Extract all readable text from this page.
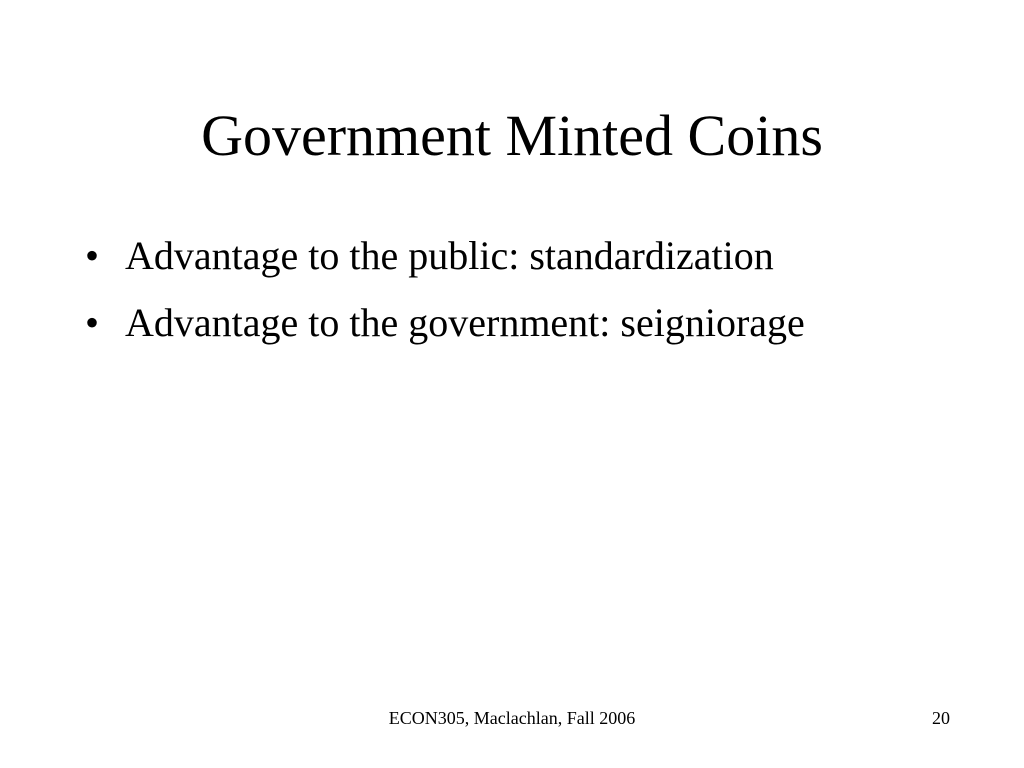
Government Minted Coins
• Advantage to the public: standardization
• Advantage to the government: seigniorage
ECON305, Maclachlan, Fall 2006	20
